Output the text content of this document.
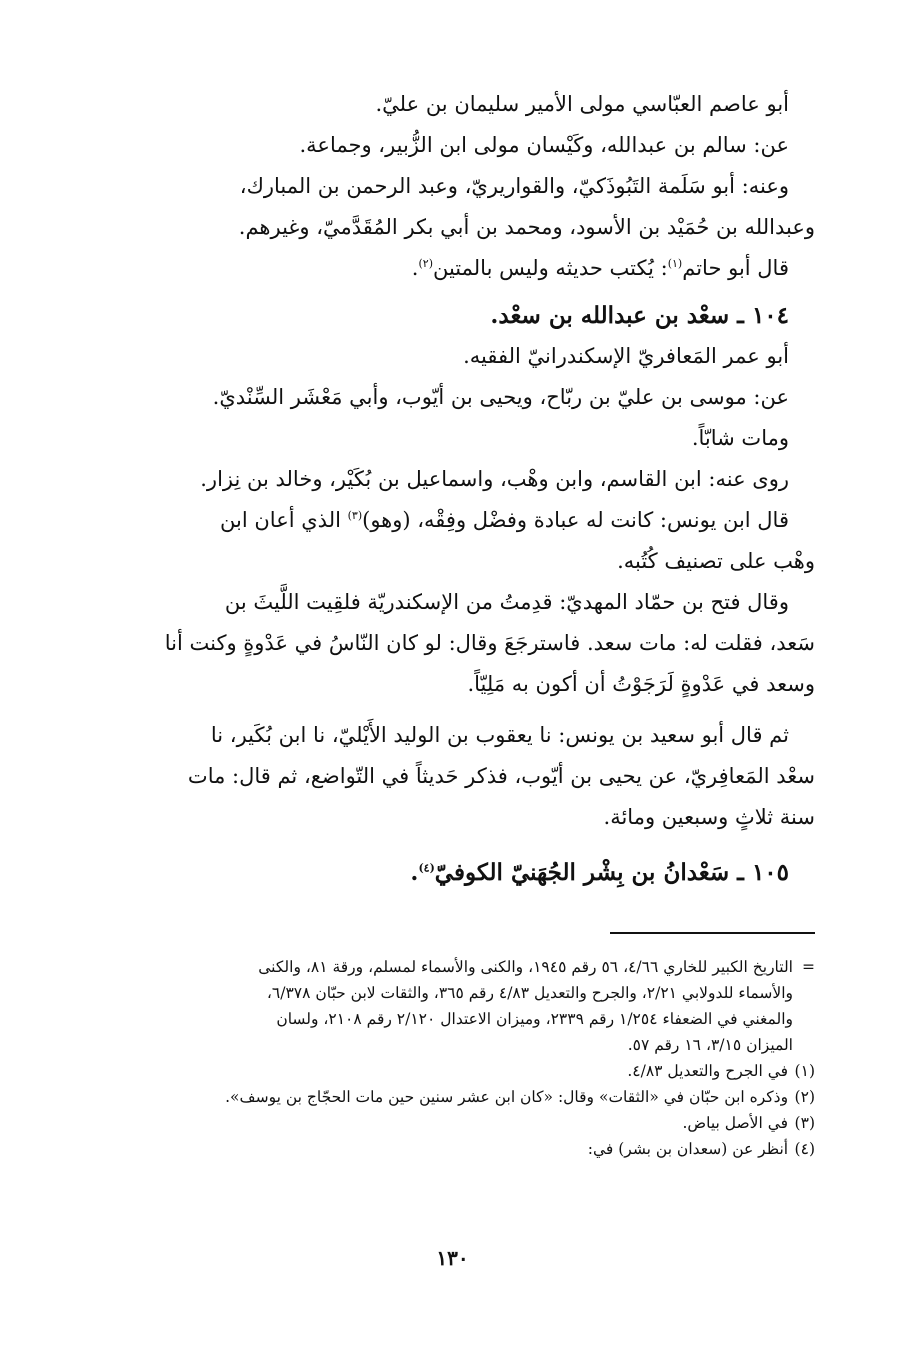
أبو عاصم العبّاسي مولى الأمير سليمان بن عليّ.
عن: سالم بن عبدالله، وكَيْسان مولى ابن الزُّبير، وجماعة.
وعنه: أبو سَلَمة التَبُوذَكيّ، والقواريريّ، وعبد الرحمن بن المبارك،
وعبدالله بن حُمَيْد بن الأسود، ومحمد بن أبي بكر المُقَدَّميّ، وغيرهم.
قال أبو حاتم$^{(١)}$: يُكتب حديثه وليس بالمتين$^{(٢)}$.
١٠٤ ـ سعْد بن عبدالله بن سعْد.
أبو عمر المَعافريّ الإسكندرانيّ الفقيه.
عن: موسى بن عليّ بن ربّاح، ويحيى بن أيّوب، وأبي مَعْشَر السِّنْديّ.
ومات شابّاً.
روى عنه: ابن القاسم، وابن وهْب، واسماعيل بن بُكَيْر، وخالد بن نِزار.
قال ابن يونس: كانت له عبادة وفضْل وفِقْه، (وهو)$^{(٣)}$ الذي أعان ابن
وهْب على تصنيف كُتُبه.
وقال فتح بن حمّاد المهديّ: قدِمتُ من الإسكندريّة فلقِيت اللَّيثَ بن
سَعد، فقلت له: مات سعد. فاسترجَعَ وقال: لو كان النّاسُ في عَدْوةٍ وكنت أنا
وسعد في عَدْوةٍ لَرَجَوْتُ أن أكون به مَلِيّاً.
ثم قال أبو سعيد بن يونس: نا يعقوب بن الوليد الأَيْليّ، نا ابن بُكَير، نا
سعْد المَعافِريّ، عن يحيى بن أيّوب، فذكر حَديثاً في التّواضع، ثم قال: مات
سنة ثلاثٍ وسبعين ومائة.
١٠٥ ـ سَعْدانُ بن بِشْر الجُهَنيّ الكوفيّ$^{(٤)}$.
=التاريخ الكبير للخاري ٤/٦٦، ٥٦ رقم ١٩٤٥، والكنى والأسماء لمسلم، ورقة ٨١، والكنى
والأسماء للدولابي ٢/٢١، والجرح والتعديل ٤/٨٣ رقم ٣٦٥، والثقات لابن حبّان ٦/٣٧٨،
والمغني في الضعفاء ١/٢٥٤ رقم ٢٣٣٩، وميزان الاعتدال ٢/١٢٠ رقم ٢١٠٨، ولسان
الميزان ٣/١٥، ١٦ رقم ٥٧.
(١) في الجرح والتعديل ٤/٨٣.
(٢) وذكره ابن حبّان في «الثقات» وقال: «كان ابن عشر سنين حين مات الحجّاج بن يوسف».
(٣) في الأصل بياض.
(٤) أنظر عن (سعدان بن بشر) في:
١٣٠
